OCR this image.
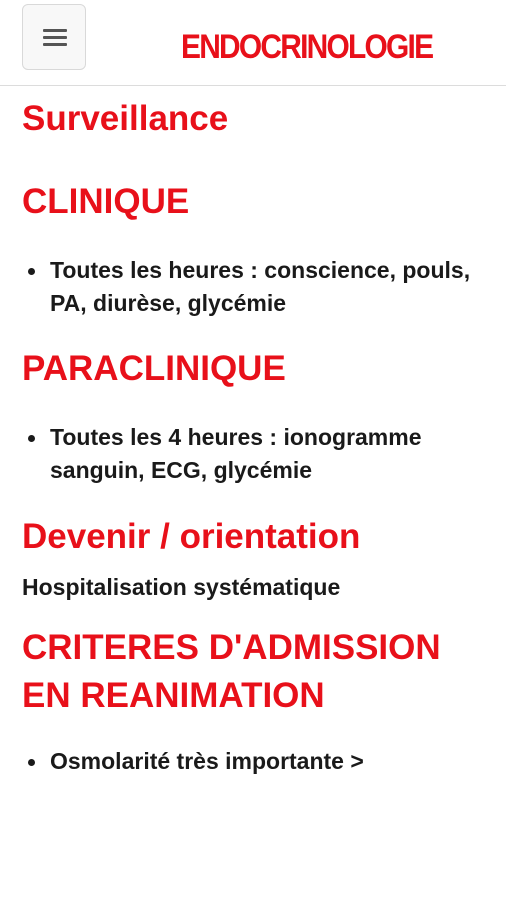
ENDOCRINOLOGIE
Surveillance
CLINIQUE
Toutes les heures : conscience, pouls, PA, diurèse, glycémie
PARACLINIQUE
Toutes les 4 heures : ionogramme sanguin, ECG, glycémie
Devenir / orientation

Hospitalisation systématique

CRITERES D'ADMISSION EN REANIMATION
Osmolarité très importante >
